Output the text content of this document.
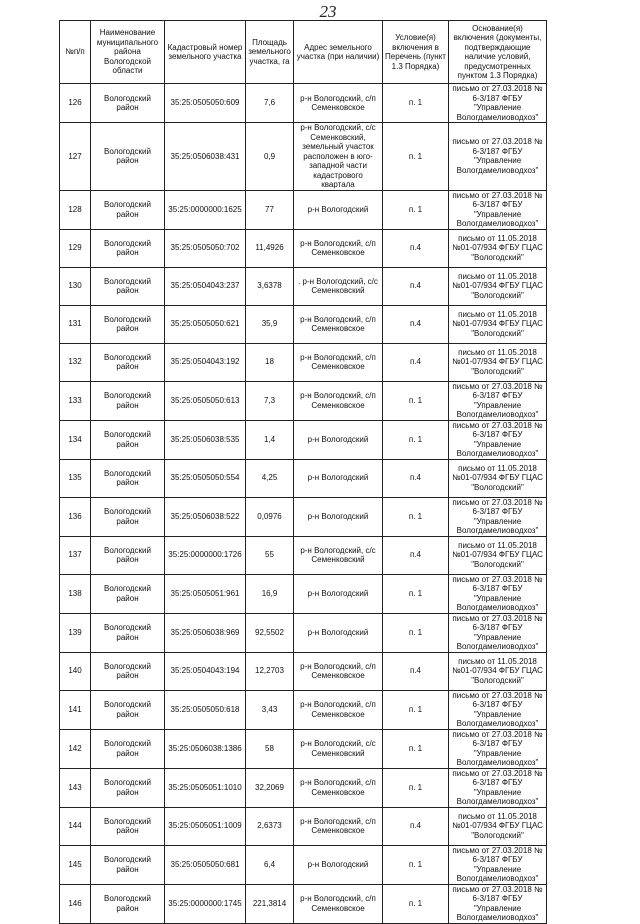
23
№п/п	Наименование муниципального района Вологодской области	Кадастровый номер земельного участка	Площадь земельного участка, га	Адрес земельного участка (при наличии)	Условие(я) включения в Перечень (пункт 1.3 Порядка)	Основание(я) включения (документы, подтверждающие наличие условий, предусмотренных пунктом 1.3 Порядка)
126	Вологодский район	35:25:0505050:609	7,6	р-н Вологодский, с/п Семенковское	п. 1	письмо от 27.03.2018 № 6-3/187 ФГБУ "Управление Вологдамелиоводхоз"
127	Вологодский район	35:25:0506038:431	0,9	р-н Вологодский, с/с Семенковский, земельный участок расположен в юго-западной части кадастрового квартала	п. 1	письмо от 27.03.2018 № 6-3/187 ФГБУ "Управление Вологдамелиоводхоз"
128	Вологодский район	35:25:0000000:1625	77	р-н Вологодский	п. 1	письмо от 27.03.2018 № 6-3/187 ФГБУ "Управление Вологдамелиоводхоз"
129	Вологодский район	35:25:0505050:702	11,4926	р-н Вологодский, с/п Семенковское	п.4	письмо от 11.05.2018 №01-07/934 ФГБУ ГЦАС "Вологодский"
130	Вологодский район	35:25:0504043:237	3,6378	. р-н Вологодский, с/с Семенковский	п.4	письмо от 11.05.2018 №01-07/934 ФГБУ ГЦАС "Вологодский"
131	Вологодский район	35:25:0505050:621	35,9	р-н Вологодский, с/п Семенковское	п.4	письмо от 11.05.2018 №01-07/934 ФГБУ ГЦАС "Вологодский"
132	Вологодский район	35:25:0504043:192	18	р-н Вологодский, с/п Семенковское	п.4	письмо от 11.05.2018 №01-07/934 ФГБУ ГЦАС "Вологодский"
133	Вологодский район	35:25:0505050:613	7,3	р-н Вологодский, с/п Семенковское	п. 1	письмо от 27.03.2018 № 6-3/187 ФГБУ "Управление Вологдамелиоводхоз"
134	Вологодский район	35:25:0506038:535	1,4	р-н Вологодский	п. 1	письмо от 27.03.2018 № 6-3/187 ФГБУ "Управление Вологдамелиоводхоз"
135	Вологодский район	35:25:0505050:554	4,25	р-н Вологодский	п.4	письмо от 11.05.2018 №01-07/934 ФГБУ ГЦАС "Вологодский"
136	Вологодский район	35:25:0506038:522	0,0976	р-н Вологодский	п. 1	письмо от 27.03.2018 № 6-3/187 ФГБУ "Управление Вологдамелиоводхоз"
137	Вологодский район	35:25:0000000:1726	55	р-н Вологодский, с/с Семенковский	п.4	письмо от 11.05.2018 №01-07/934 ФГБУ ГЦАС "Вологодский"
138	Вологодский район	35:25:0505051:961	16,9	р-н Вологодский	п. 1	письмо от 27.03.2018 № 6-3/187 ФГБУ "Управление Вологдамелиоводхоз"
139	Вологодский район	35:25:0506038:969	92,5502	р-н Вологодский	п. 1	письмо от 27.03.2018 № 6-3/187 ФГБУ "Управление Вологдамелиоводхоз"
140	Вологодский район	35:25:0504043:194	12,2703	р-н Вологодский, с/п Семенковское	п.4	письмо от 11.05.2018 №01-07/934 ФГБУ ГЦАС "Вологодский"
141	Вологодский район	35:25:0505050:618	3,43	р-н Вологодский, с/п Семенковское	п. 1	письмо от 27.03.2018 № 6-3/187 ФГБУ "Управление Вологдамелиоводхоз"
142	Вологодский район	35:25:0506038:1386	58	р-н Вологодский, с/с Семенковский	п. 1	письмо от 27.03.2018 № 6-3/187 ФГБУ "Управление Вологдамелиоводхоз"
143	Вологодский район	35:25:0505051:1010	32,2069	р-н Вологодский, с/п Семенковское	п. 1	письмо от 27.03.2018 № 6-3/187 ФГБУ "Управление Вологдамелиоводхоз"
144	Вологодский район	35:25:0505051:1009	2,6373	р-н Вологодский, с/п Семенковское	п.4	письмо от 11.05.2018 №01-07/934 ФГБУ ГЦАС "Вологодский"
145	Вологодский район	35:25:0505050:681	6,4	р-н Вологодский	п. 1	письмо от 27.03.2018 № 6-3/187 ФГБУ "Управление Вологдамелиоводхоз"
146	Вологодский район	35:25:0000000:1745	221,3814	р-н Вологодский, с/п Семенковское	п. 1	письмо от 27.03.2018 № 6-3/187 ФГБУ "Управление Вологдамелиоводхоз"
